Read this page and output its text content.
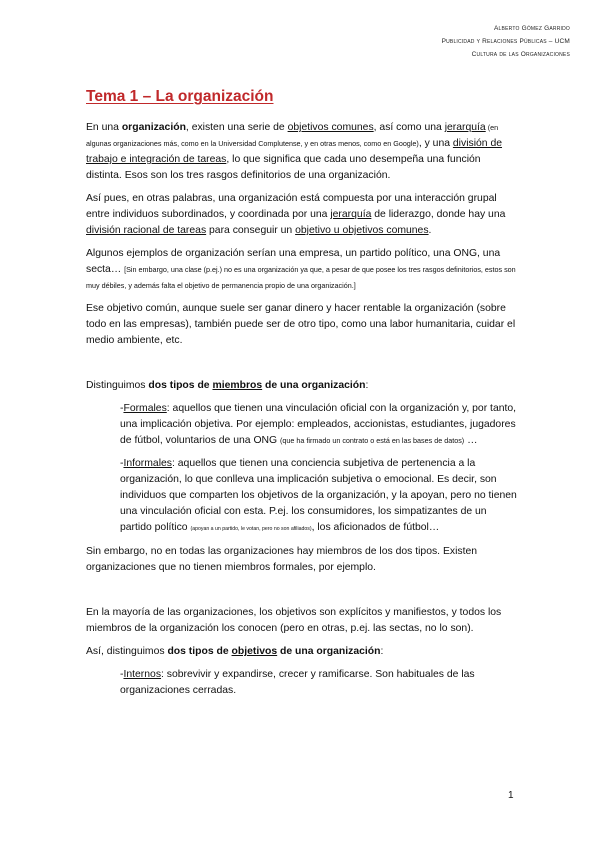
Alberto Gómez Garrido
Publicidad y Relaciones Públicas – UCM
Cultura de las Organizaciones
Tema 1 – La organización

En una organización, existen una serie de objetivos comunes, así como una jerarquía (en algunas organizaciones más, como en la Universidad Complutense, y en otras menos, como en Google), y una división de trabajo e integración de tareas, lo que significa que cada uno desempeña una función distinta. Esos son los tres rasgos definitorios de una organización.

Así pues, en otras palabras, una organización está compuesta por una interacción grupal entre individuos subordinados, y coordinada por una jerarquía de liderazgo, donde hay una división racional de tareas para conseguir un objetivo u objetivos comunes.

Algunos ejemplos de organización serían una empresa, un partido político, una ONG, una secta… [Sin embargo, una clase (p.ej.) no es una organización ya que, a pesar de que posee los tres rasgos definitorios, estos son muy débiles, y además falta el objetivo de permanencia propio de una organización.]

Ese objetivo común, aunque suele ser ganar dinero y hacer rentable la organización (sobre todo en las empresas), también puede ser de otro tipo, como una labor humanitaria, cuidar el medio ambiente, etc.

Distinguimos dos tipos de miembros de una organización:

-Formales: aquellos que tienen una vinculación oficial con la organización y, por tanto, una implicación objetiva. Por ejemplo: empleados, accionistas, estudiantes, jugadores de fútbol, voluntarios de una ONG (que ha firmado un contrato o está en las bases de datos) …

-Informales: aquellos que tienen una conciencia subjetiva de pertenencia a la organización, lo que conlleva una implicación subjetiva o emocional. Es decir, son individuos que comparten los objetivos de la organización, y la apoyan, pero no tienen una vinculación oficial con esta. P.ej. los consumidores, los simpatizantes de un partido político (apoyan a un partido, le votan, pero no son afiliados), los aficionados de fútbol…

Sin embargo, no en todas las organizaciones hay miembros de los dos tipos. Existen organizaciones que no tienen miembros formales, por ejemplo.

En la mayoría de las organizaciones, los objetivos son explícitos y manifiestos, y todos los miembros de la organización los conocen (pero en otras, p.ej. las sectas, no lo son).

Así, distinguimos dos tipos de objetivos de una organización:

-Internos: sobrevivir y expandirse, crecer y ramificarse. Son habituales de las organizaciones cerradas.

1
